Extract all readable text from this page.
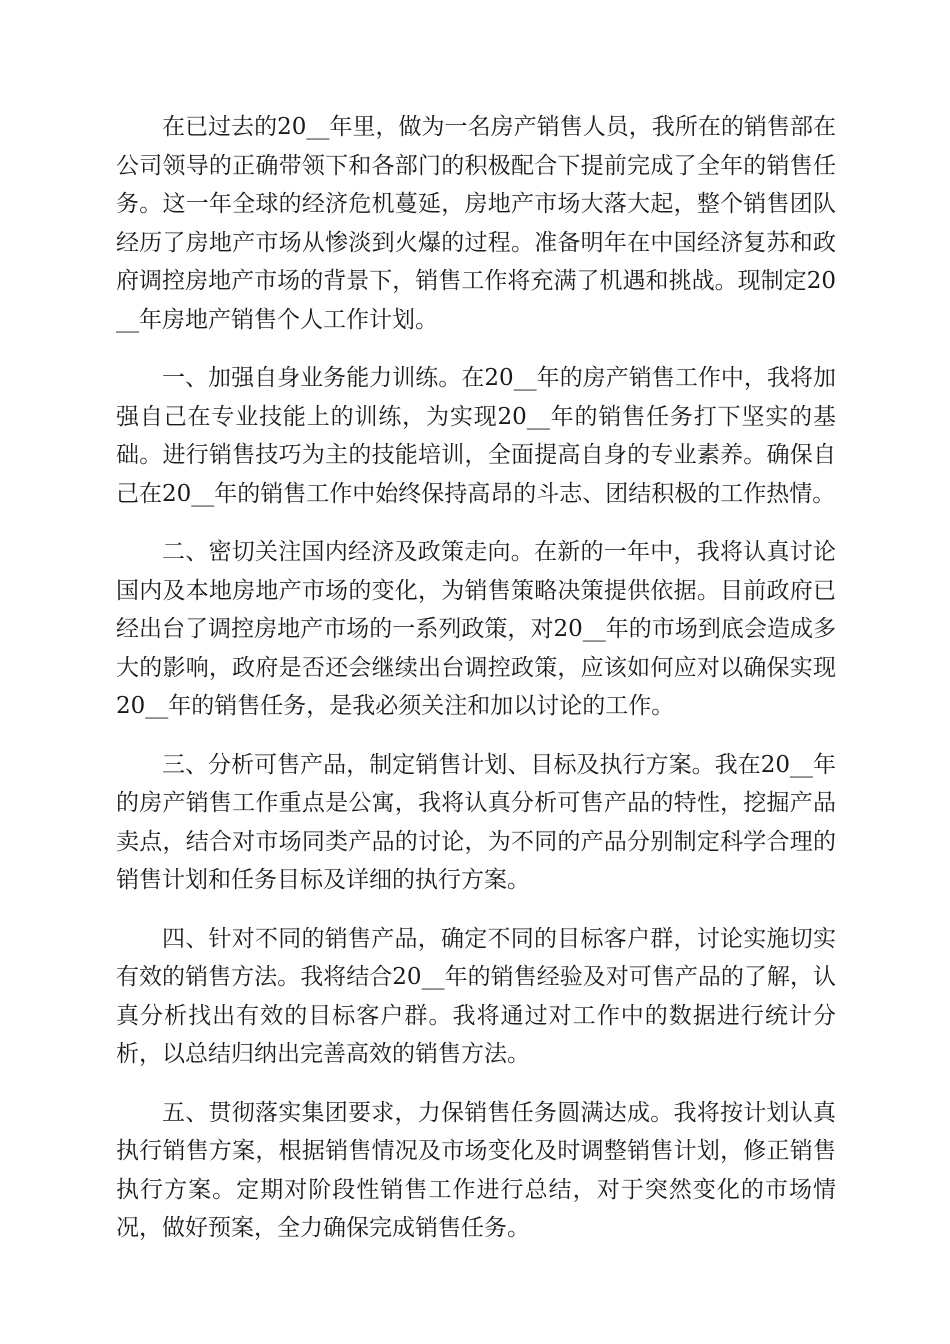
在已过去的20__年里，做为一名房产销售人员，我所在的销售部在公司领导的正确带领下和各部门的积极配合下提前完成了全年的销售任务。这一年全球的经济危机蔓延，房地产市场大落大起，整个销售团队经历了房地产市场从惨淡到火爆的过程。准备明年在中国经济复苏和政府调控房地产市场的背景下，销售工作将充满了机遇和挑战。现制定20__年房地产销售个人工作计划。

一、加强自身业务能力训练。在20__年的房产销售工作中，我将加强自己在专业技能上的训练，为实现20__年的销售任务打下坚实的基础。进行销售技巧为主的技能培训，全面提高自身的专业素养。确保自己在20__年的销售工作中始终保持高昂的斗志、团结积极的工作热情。

二、密切关注国内经济及政策走向。在新的一年中，我将认真讨论国内及本地房地产市场的变化，为销售策略决策提供依据。目前政府已经出台了调控房地产市场的一系列政策，对20__年的市场到底会造成多大的影响，政府是否还会继续出台调控政策，应该如何应对以确保实现20__年的销售任务，是我必须关注和加以讨论的工作。

三、分析可售产品，制定销售计划、目标及执行方案。我在20__年的房产销售工作重点是公寓，我将认真分析可售产品的特性，挖掘产品卖点，结合对市场同类产品的讨论，为不同的产品分别制定科学合理的销售计划和任务目标及详细的执行方案。

四、针对不同的销售产品，确定不同的目标客户群，讨论实施切实有效的销售方法。我将结合20__年的销售经验及对可售产品的了解，认真分析找出有效的目标客户群。我将通过对工作中的数据进行统计分析，以总结归纳出完善高效的销售方法。

五、贯彻落实集团要求，力保销售任务圆满达成。我将按计划认真执行销售方案，根据销售情况及市场变化及时调整销售计划，修正销售执行方案。定期对阶段性销售工作进行总结，对于突然变化的市场情况，做好预案，全力确保完成销售任务。
